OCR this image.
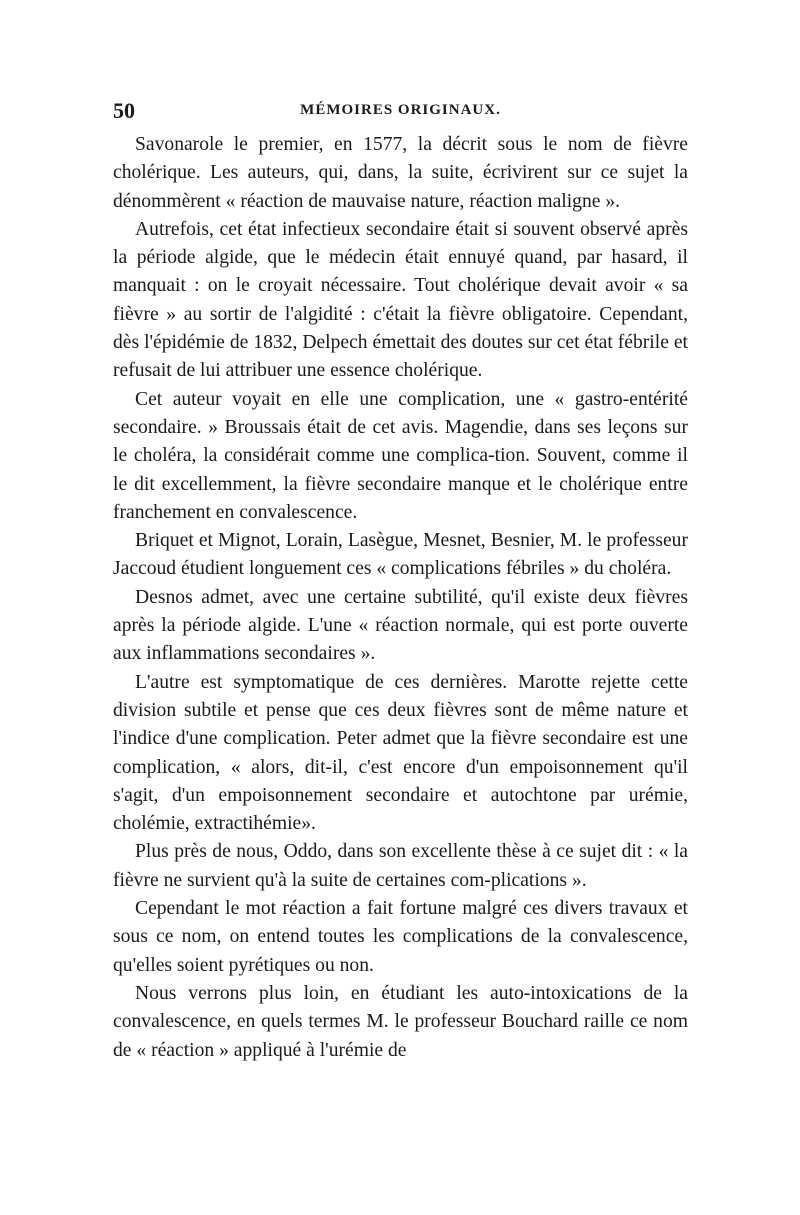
50	MÉMOIRES ORIGINAUX.

Savonarole le premier, en 1577, la décrit sous le nom de fièvre cholérique. Les auteurs, qui, dans, la suite, écrivirent sur ce sujet la dénommèrent « réaction de mauvaise nature, réaction maligne ».

Autrefois, cet état infectieux secondaire était si souvent observé après la période algide, que le médecin était ennuyé quand, par hasard, il manquait : on le croyait nécessaire. Tout cholérique devait avoir « sa fièvre » au sortir de l'algidité : c'était la fièvre obligatoire. Cependant, dès l'épidémie de 1832, Delpech émettait des doutes sur cet état fébrile et refusait de lui attribuer une essence cholérique.

Cet auteur voyait en elle une complication, une « gastro-entérité secondaire. » Broussais était de cet avis. Magendie, dans ses leçons sur le choléra, la considérait comme une complica-tion. Souvent, comme il le dit excellemment, la fièvre secondaire manque et le cholérique entre franchement en convalescence.

Briquet et Mignot, Lorain, Lasègue, Mesnet, Besnier, M. le professeur Jaccoud étudient longuement ces « complications fébriles » du choléra.

Desnos admet, avec une certaine subtilité, qu'il existe deux fièvres après la période algide. L'une « réaction normale, qui est porte ouverte aux inflammations secondaires ».

L'autre est symptomatique de ces dernières. Marotte rejette cette division subtile et pense que ces deux fièvres sont de même nature et l'indice d'une complication. Peter admet que la fièvre secondaire est une complication, « alors, dit-il, c'est encore d'un empoisonnement qu'il s'agit, d'un empoisonnement secondaire et autochtone par urémie, cholémie, extractihémie».

Plus près de nous, Oddo, dans son excellente thèse à ce sujet dit : « la fièvre ne survient qu'à la suite de certaines com-plications ».

Cependant le mot réaction a fait fortune malgré ces divers travaux et sous ce nom, on entend toutes les complications de la convalescence, qu'elles soient pyrétiques ou non.

Nous verrons plus loin, en étudiant les auto-intoxications de la convalescence, en quels termes M. le professeur Bouchard raille ce nom de « réaction » appliqué à l'urémie de
